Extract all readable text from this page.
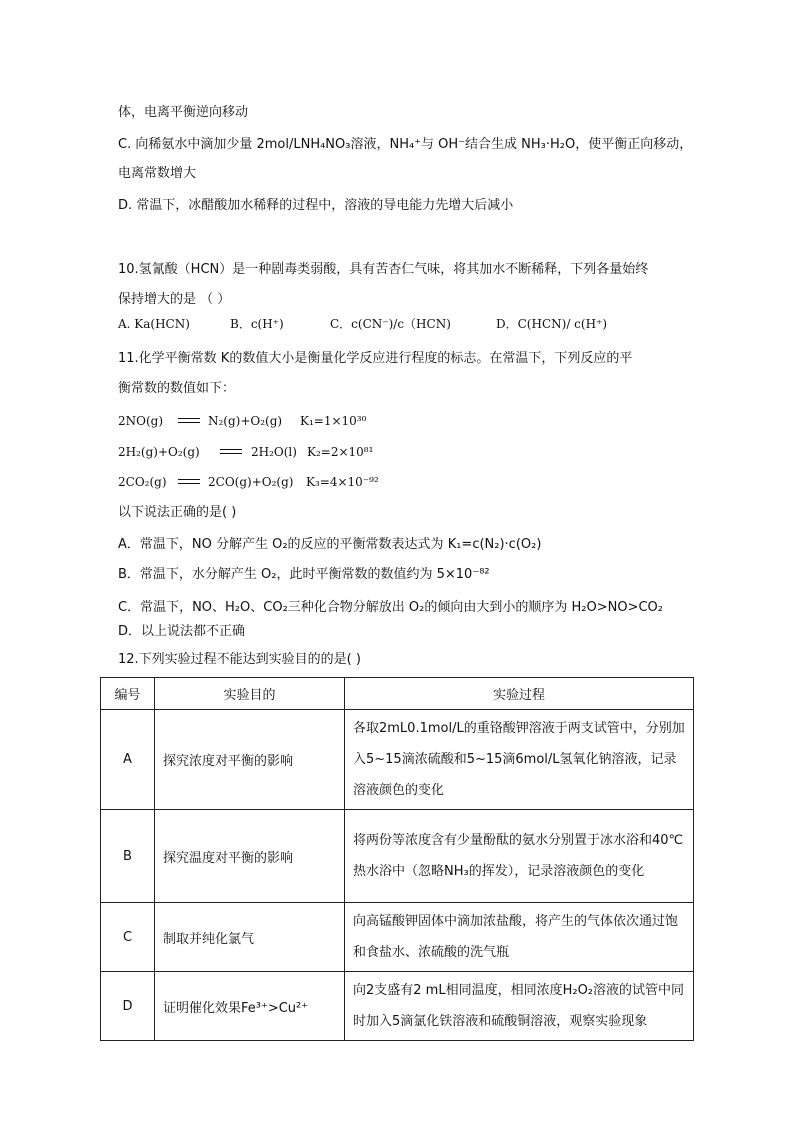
体，电离平衡逆向移动
C. 向稀氨水中滴加少量 2mol/LNH₄NO₃溶液，NH₄⁺与 OH⁻结合生成 NH₃·H₂O，使平衡正向移动，
电离常数增大
D. 常温下，冰醋酸加水稀释的过程中，溶液的导电能力先增大后减小
10.氢氰酸（HCN）是一种剧毒类弱酸，具有苦杏仁气味，将其加水不断稀释，下列各量始终
保持增大的是 （ ）
A. Ka(HCN)	B．c(H⁺)	C．c(CN⁻)/c（HCN)	D．C(HCN)/ c(H⁺)
11.化学平衡常数 K的数值大小是衡量化学反应进行程度的标志。在常温下，下列反应的平
衡常数的数值如下：
2NO(g)	N₂(g)+O₂(g) K₁=1×10³⁰
2H₂(g)+O₂(g)	2H₂O(l) K₂=2×10⁸¹
2CO₂(g)	2CO(g)+O₂(g) K₃=4×10⁻⁹²
以下说法正确的是( )
A．常温下，NO 分解产生 O₂的反应的平衡常数表达式为 K₁=c(N₂)·c(O₂)
B．常温下，水分解产生 O₂，此时平衡常数的数值约为 5×10⁻⁸²
C．常温下，NO、H₂O、CO₂三种化合物分解放出 O₂的倾向由大到小的顺序为 H₂O>NO>CO₂
D．以上说法都不正确
12.下列实验过程不能达到实验目的的是( )
编号	实验目的	实验过程
A	探究浓度对平衡的影响	各取2mL0.1mol/L的重铬酸钾溶液于两支试管中，分别加入5~15滴浓硫酸和5~15滴6mol/L氢氧化钠溶液，记录溶液颜色的变化
B	探究温度对平衡的影响	将两份等浓度含有少量酚酞的氨水分别置于冰水浴和40℃热水浴中（忽略NH₃的挥发），记录溶液颜色的变化
C	制取并纯化氯气	向高锰酸钾固体中滴加浓盐酸，将产生的气体依次通过饱和食盐水、浓硫酸的洗气瓶
D	证明催化效果Fe³⁺>Cu²⁺	向2支盛有2 mL相同温度，相同浓度H₂O₂溶液的试管中同时加入5滴氯化铁溶液和硫酸铜溶液，观察实验现象
